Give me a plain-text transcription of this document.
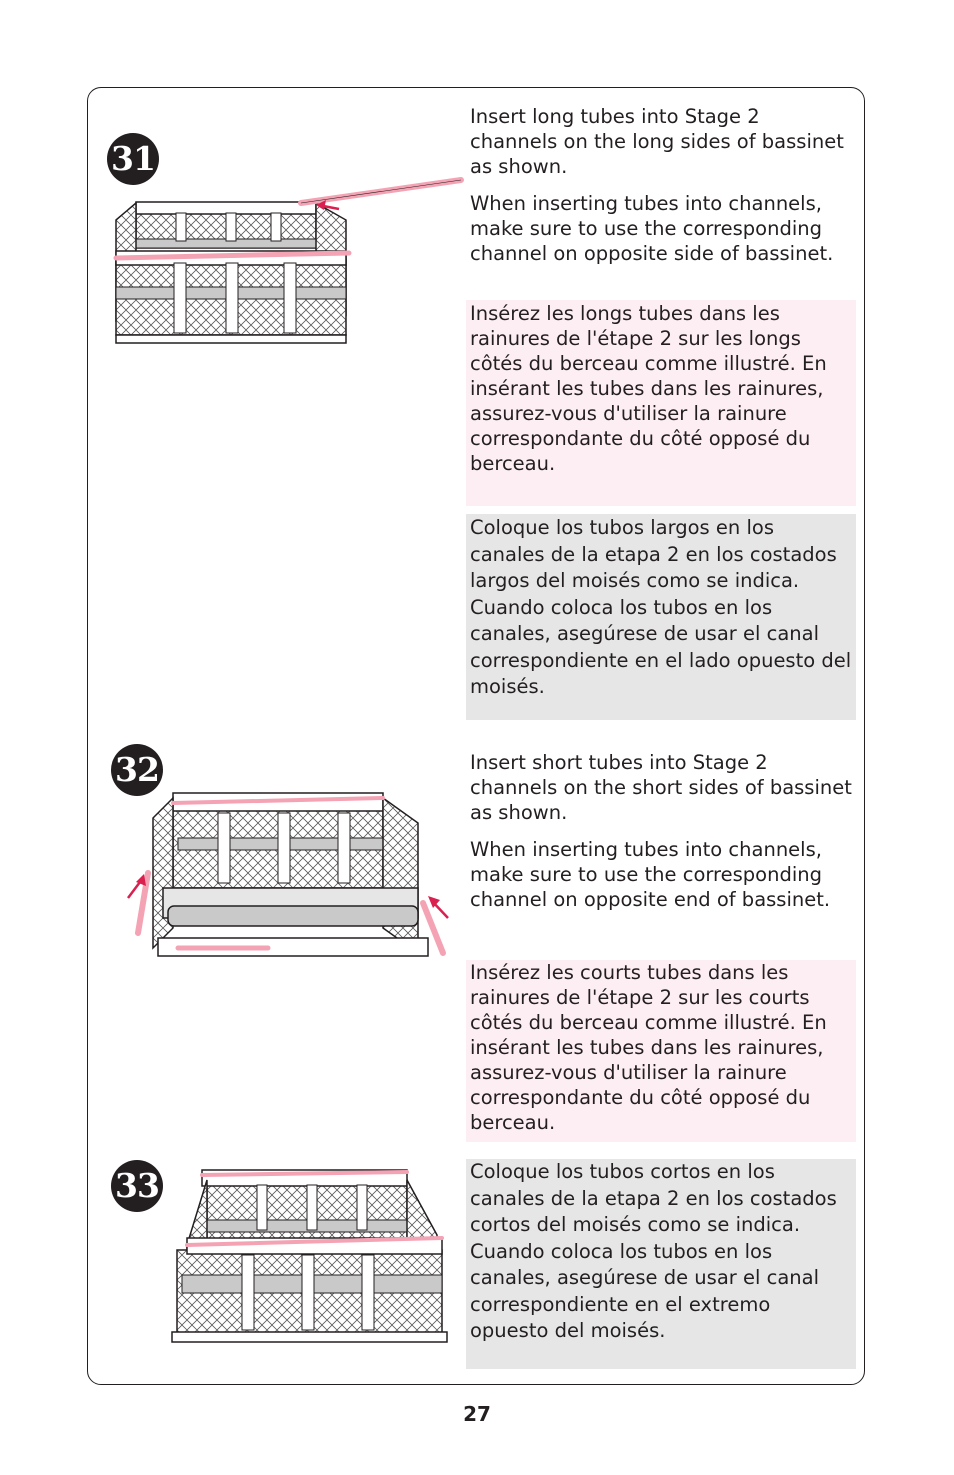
31

Insert long tubes into Stage 2 channels on the long sides of bassinet as shown.

When inserting tubes into channels, make sure to use the corresponding channel on opposite side of bassinet.

Insérez les longs tubes dans les rainures de l'étape 2 sur les longs côtés du berceau comme illustré. En insérant les tubes dans les rainures, assurez-vous d'utiliser la rainure correspondante du côté opposé du berceau.

Coloque los tubos largos en los canales de la etapa 2 en los costados largos del moisés como se indica. Cuando coloca los tubos en los canales, asegúrese de usar el canal correspondiente en el lado opuesto del moisés.

32	Insert short tubes into Stage 2 channels on the short sides of bassinet as shown.

When inserting tubes into channels, make sure to use the corresponding channel on opposite end of bassinet.

Insérez les courts tubes dans les rainures de l'étape 2 sur les courts côtés du berceau comme illustré. En insérant les tubes dans les rainures, assurez-vous d'utiliser la rainure correspondante du côté opposé du berceau.

33	Coloque los tubos cortos en los canales de la etapa 2 en los costados cortos del moisés como se indica. Cuando coloca los tubos en los canales, asegúrese de usar el canal correspondiente en el extremo opuesto del moisés.

27
